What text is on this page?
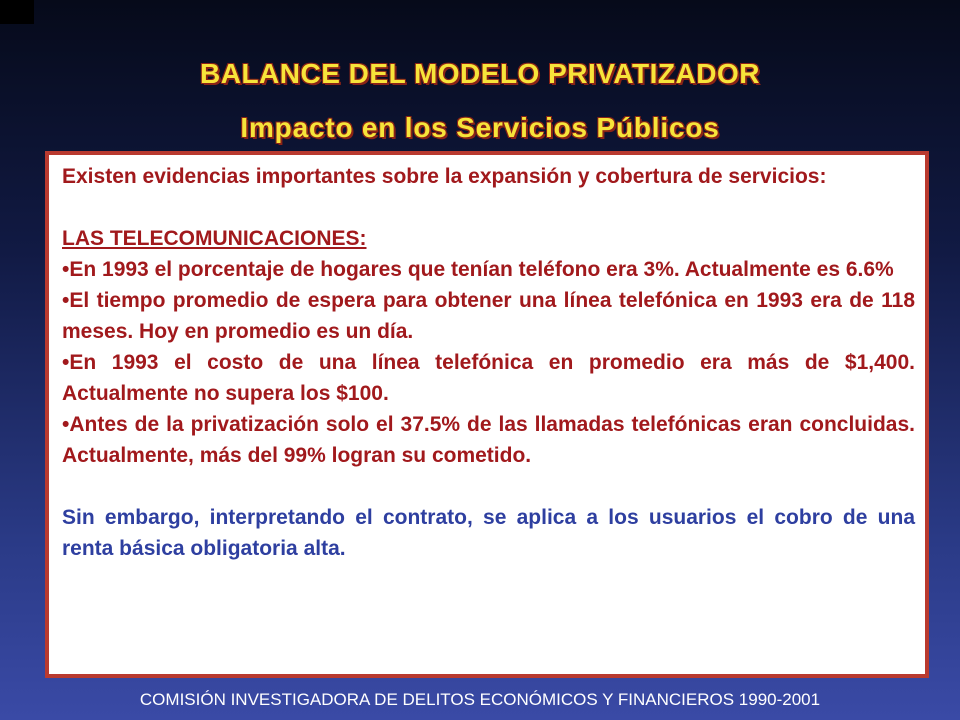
BALANCE DEL MODELO PRIVATIZADOR
Impacto en los Servicios Públicos

Existen evidencias importantes sobre la expansión y cobertura de servicios:

LAS TELECOMUNICACIONES:

•En 1993 el porcentaje de hogares que tenían teléfono era 3%. Actualmente es 6.6%

•El tiempo promedio de espera para obtener una línea telefónica en 1993 era de 118 meses. Hoy en promedio es un día.

•En 1993 el costo de una línea telefónica en promedio era más de $1,400. Actualmente no supera los $100.

•Antes de la privatización solo el 37.5% de las llamadas telefónicas eran concluidas. Actualmente, más del 99% logran su cometido.

Sin embargo, interpretando el contrato, se aplica a los usuarios el cobro de una renta básica obligatoria alta.

COMISIÓN INVESTIGADORA DE DELITOS ECONÓMICOS Y FINANCIEROS 1990-2001
